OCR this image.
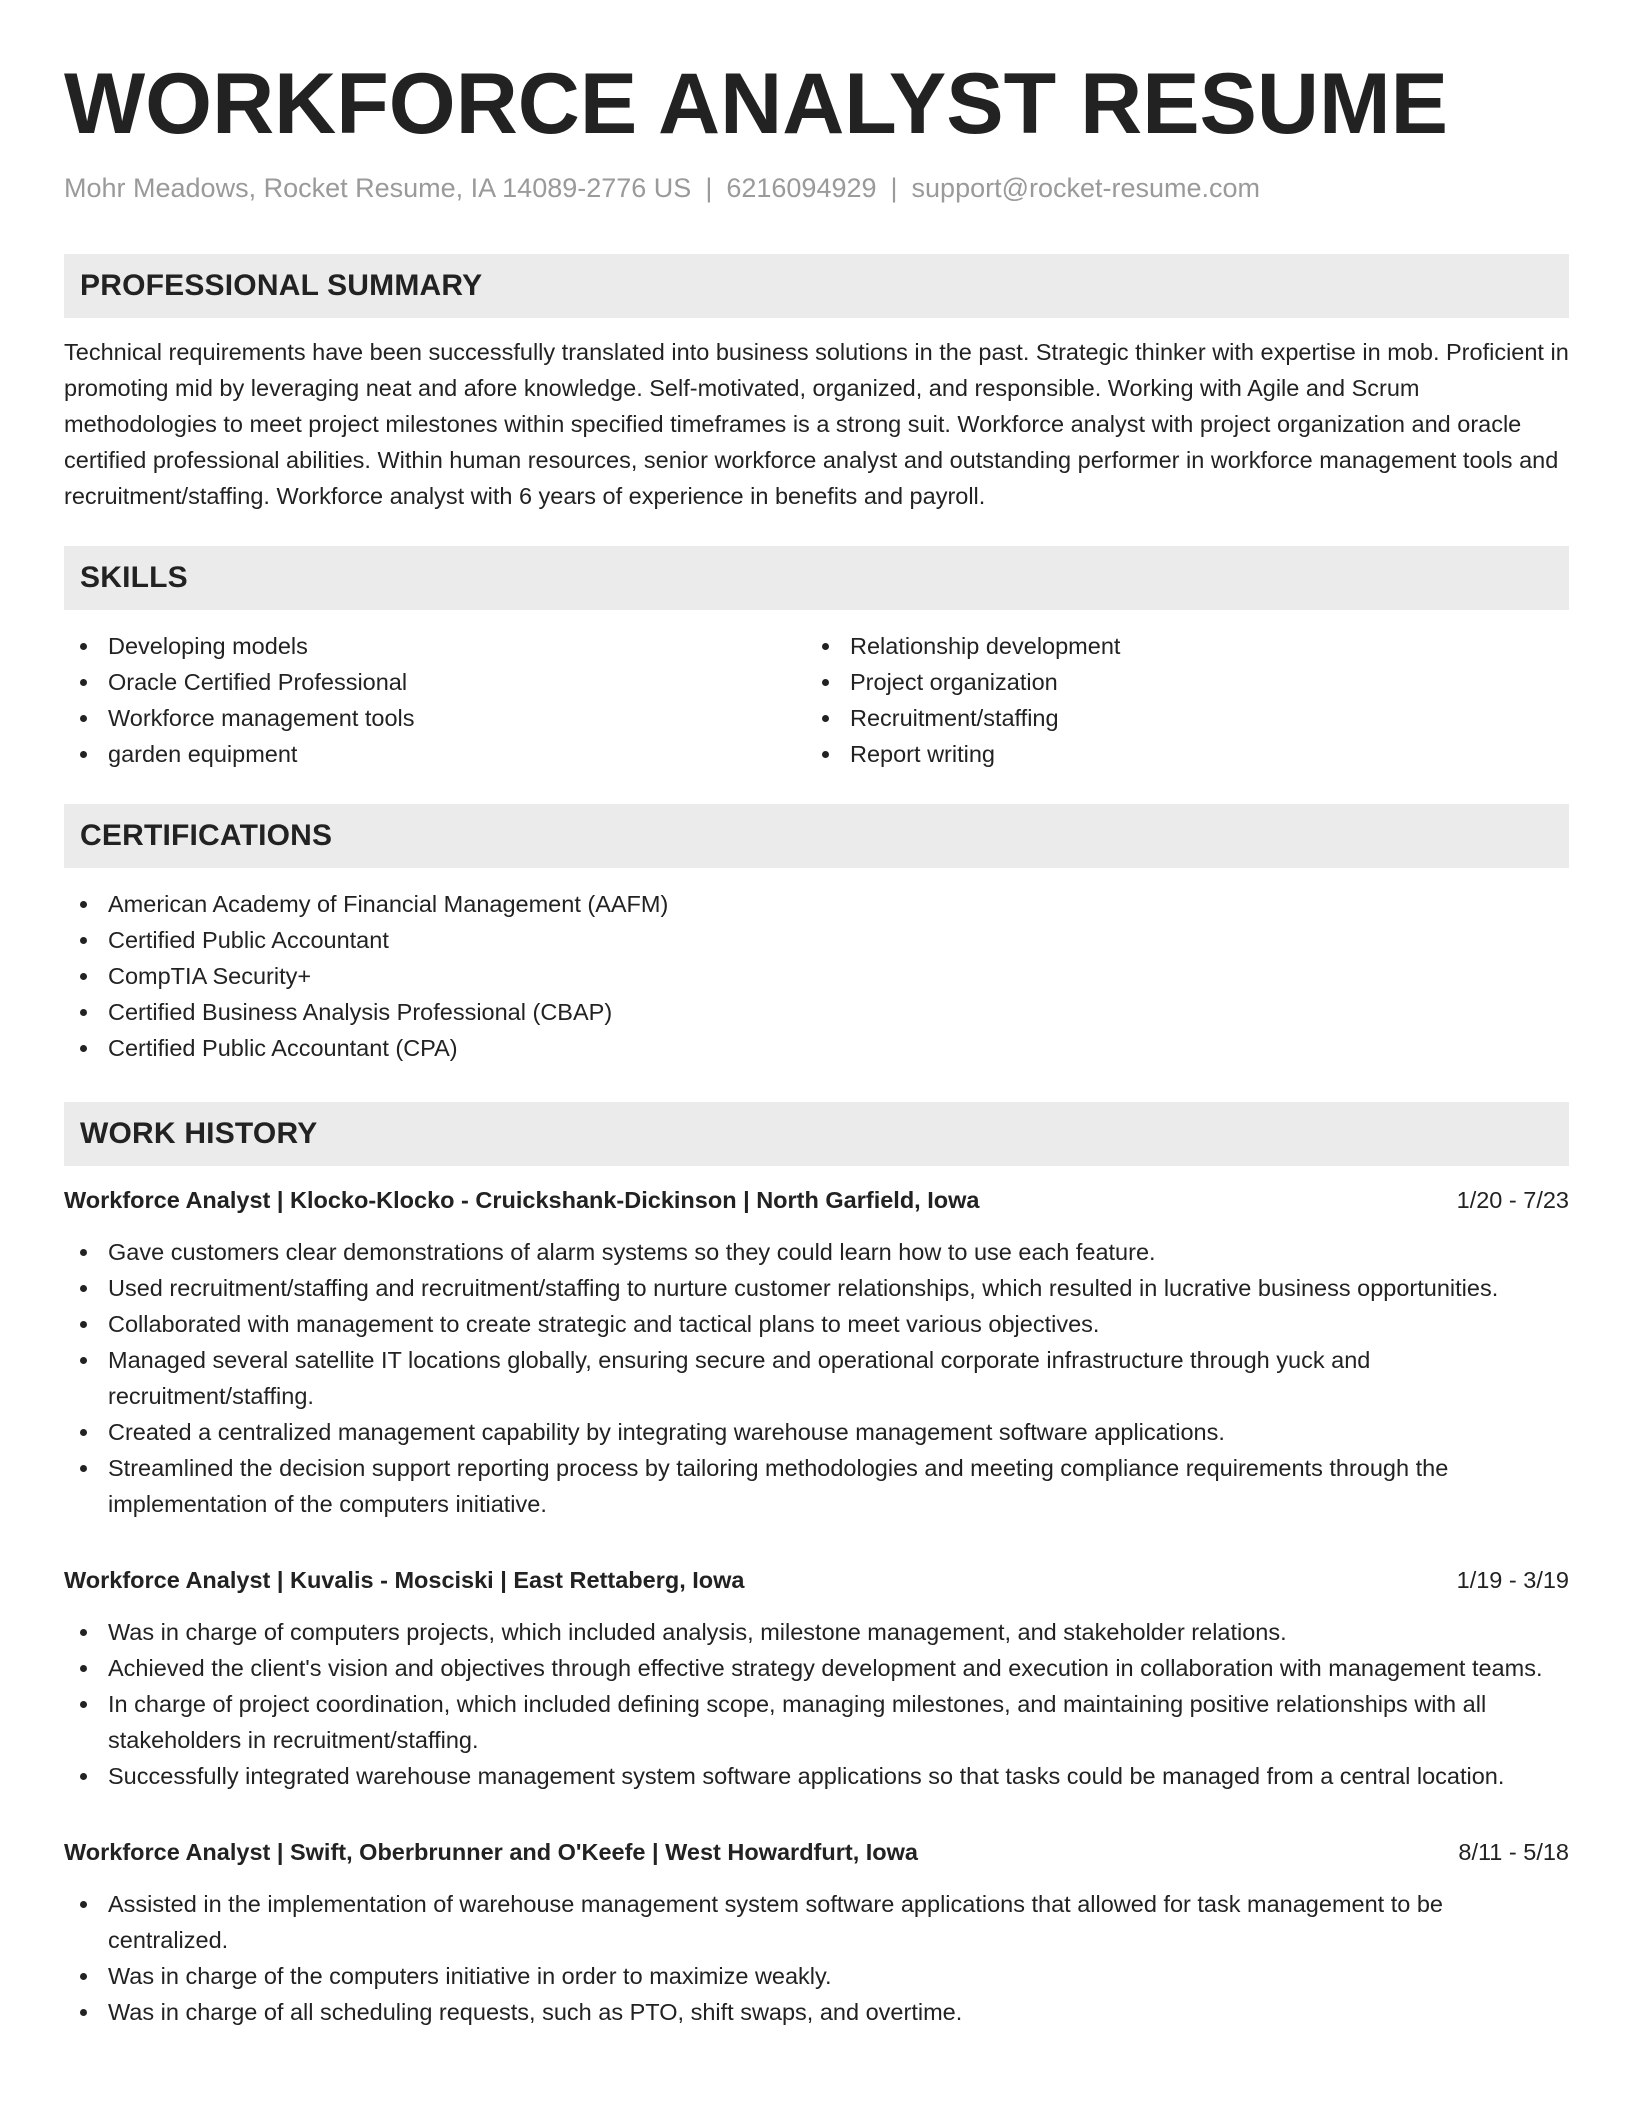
WORKFORCE ANALYST RESUME
Mohr Meadows, Rocket Resume, IA 14089-2776 US | 6216094929 | support@rocket-resume.com
PROFESSIONAL SUMMARY

Technical requirements have been successfully translated into business solutions in the past. Strategic thinker with expertise in mob. Proficient in promoting mid by leveraging neat and afore knowledge. Self-motivated, organized, and responsible. Working with Agile and Scrum methodologies to meet project milestones within specified timeframes is a strong suit. Workforce analyst with project organization and oracle certified professional abilities. Within human resources, senior workforce analyst and outstanding performer in workforce management tools and recruitment/staffing. Workforce analyst with 6 years of experience in benefits and payroll.

SKILLS
Developing models
Oracle Certified Professional
Workforce management tools
garden equipment
Relationship development
Project organization
Recruitment/staffing
Report writing
CERTIFICATIONS
American Academy of Financial Management (AAFM)
Certified Public Accountant
CompTIA Security+
Certified Business Analysis Professional (CBAP)
Certified Public Accountant (CPA)
WORK HISTORY
Workforce Analyst | Klocko-Klocko - Cruickshank-Dickinson | North Garfield, Iowa	1/20 - 7/23
Gave customers clear demonstrations of alarm systems so they could learn how to use each feature.
Used recruitment/staffing and recruitment/staffing to nurture customer relationships, which resulted in lucrative business opportunities.
Collaborated with management to create strategic and tactical plans to meet various objectives.
Managed several satellite IT locations globally, ensuring secure and operational corporate infrastructure through yuck and recruitment/staffing.
Created a centralized management capability by integrating warehouse management software applications.
Streamlined the decision support reporting process by tailoring methodologies and meeting compliance requirements through the implementation of the computers initiative.
Workforce Analyst | Kuvalis - Mosciski | East Rettaberg, Iowa	1/19 - 3/19
Was in charge of computers projects, which included analysis, milestone management, and stakeholder relations.
Achieved the client's vision and objectives through effective strategy development and execution in collaboration with management teams.
In charge of project coordination, which included defining scope, managing milestones, and maintaining positive relationships with all stakeholders in recruitment/staffing.
Successfully integrated warehouse management system software applications so that tasks could be managed from a central location.
Workforce Analyst | Swift, Oberbrunner and O'Keefe | West Howardfurt, Iowa	8/11 - 5/18
Assisted in the implementation of warehouse management system software applications that allowed for task management to be centralized.
Was in charge of the computers initiative in order to maximize weakly.
Was in charge of all scheduling requests, such as PTO, shift swaps, and overtime.
